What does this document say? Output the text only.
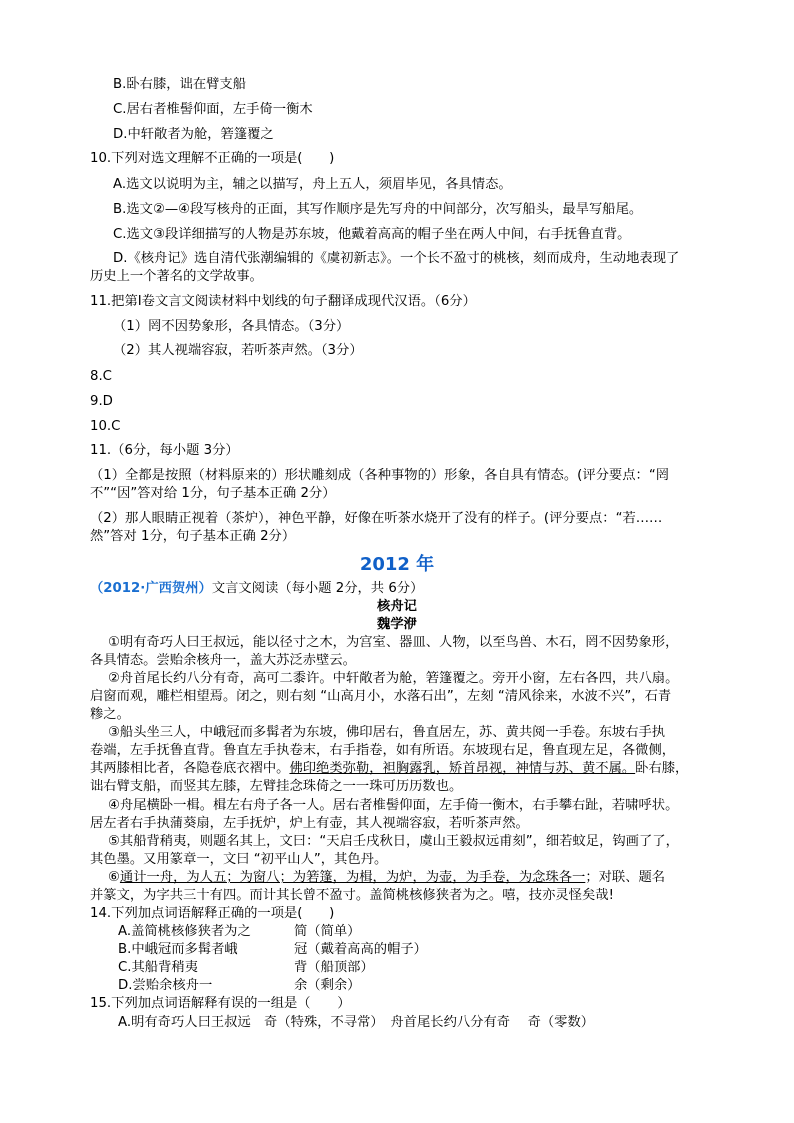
B.卧右膝，诎在臂支船
C.居右者椎髻仰面，左手倚一衡木
D.中轩敞者为舱，箬篷覆之
10.下列对选文理解不正确的一项是(　　)
A.选文以说明为主，辅之以描写，舟上五人，须眉毕见，各具情态。
B.选文②—④段写核舟的正面，其写作顺序是先写舟的中间部分，次写船头，最旱写船尾。
C.选文③段详细描写的人物是苏东坡，他戴着高高的帽子坐在两人中间，右手抚鲁直背。
D.《核舟记》选自清代张潮编辑的《虞初新志》。一个长不盈寸的桃核，刻而成舟，生动地表现了
历史上一个著名的文学故事。
11.把第Ⅰ卷文言文阅读材料中划线的句子翻译成现代汉语。（6分）
（1）罔不因势象形，各具情态。（3分）
（2）其人视端容寂，若听茶声然。（3分）
8.C
9.D
10.C
11.（6分，每小题 3分）
（1）全都是按照（材料原来的）形状雕刻成（各种事物的）形象，各自具有情态。(评分要点：“罔
不”“因”答对给 1分，句子基本正确 2分）
（2）那人眼睛正视着（茶炉），神色平静，好像在听茶水烧开了没有的样子。(评分要点：“若……
然”答对 1分，句子基本正确 2分）
2012 年
（2012·广西贺州）文言文阅读（每小题 2分，共 6分）
核舟记
魏学洢
①明有奇巧人曰王叔远，能以径寸之木，为宫室、器皿、人物，以至鸟兽、木石，罔不因势象形，
各具情态。尝贻余核舟一，盖大苏泛赤壁云。
②舟首尾长约八分有奇，高可二黍许。中轩敞者为舱，箬篷覆之。旁开小窗，左右各四，共八扇。
启窗而观，雕栏相望焉。闭之，则右刻 “山高月小，水落石出”，左刻 “清风徐来，水波不兴”，石青
糁之。
③船头坐三人，中峨冠而多髯者为东坡，佛印居右，鲁直居左，苏、黄共阅一手卷。东坡右手执
卷端，左手抚鲁直背。鲁直左手执卷末，右手指卷，如有所语。东坡现右足，鲁直现左足，各微侧，
其两膝相比者，各隐卷底衣褶中。佛印绝类弥勒，袒胸露乳，矫首昂视，神情与苏、黄不属。卧右膝，
诎右臂支船，而竖其左膝，左臂挂念珠倚之一一珠可历历数也。
④舟尾横卧一楫。楫左右舟子各一人。居右者椎髻仰面，左手倚一衡木，右手攀右趾，若啸呼状。
居左者右手执蒲葵扇，左手抚炉，炉上有壶，其人视端容寂，若听茶声然。
⑤其船背稍夷，则题名其上，文曰：“天启壬戌秋日，虞山王毅叔远甫刻”，细若蚊足，钩画了了，
其色墨。又用篆章一，文曰 “初平山人”，其色丹。
⑥通计一舟，为人五；为窗八；为箬篷，为楫，为炉，为壶，为手卷，为念珠各一；对联、题名
并篆文，为字共三十有四。而计其长曾不盈寸。盖简桃核修狭者为之。嘻，技亦灵怪矣哉!
14.下列加点词语解释正确的一项是(　　)
A.盖简桃核修狭者为之	简（简单）
B.中峨冠而多髯者峨	冠（戴着高高的帽子）
C.其船背稍夷	背（船顶部）
D.尝贻余核舟一	余（剩余）
15.下列加点词语解释有误的一组是（　　）
A.明有奇巧人曰王叔远　奇（特殊，不寻常）　舟首尾长约八分有奇　 奇（零数）
